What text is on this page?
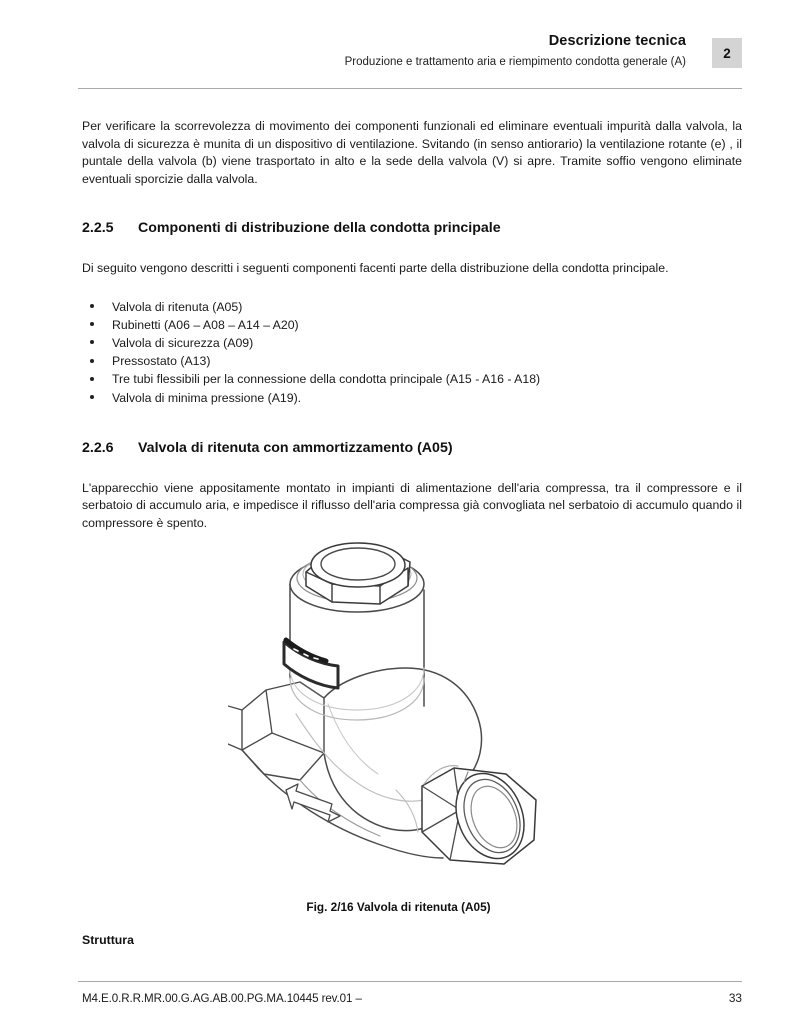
Descrizione tecnica
Produzione e trattamento aria e riempimento condotta generale (A)
2

Per verificare la scorrevolezza di movimento dei componenti funzionali ed eliminare eventuali impurità dalla valvola, la valvola di sicurezza è munita di un dispositivo di ventilazione. Svitando (in senso antiorario) la ventilazione rotante (e) , il puntale della valvola (b) viene trasportato in alto e la sede della valvola (V) si apre. Tramite soffio vengono eliminate eventuali sporcizie dalla valvola.

2.2.5 Componenti di distribuzione della condotta principale

Di seguito vengono descritti i seguenti componenti facenti parte della distribuzione della condotta principale.

Valvola di ritenuta (A05)
Rubinetti (A06 – A08 – A14 – A20)
Valvola di sicurezza (A09)
Pressostato (A13)
Tre tubi flessibili per la connessione della condotta principale (A15 - A16 - A18)
Valvola di minima pressione (A19).
2.2.6 Valvola di ritenuta con ammortizzamento (A05)

L'apparecchio viene appositamente montato in impianti di alimentazione dell'aria compressa, tra il compressore e il serbatoio di accumulo aria, e impedisce il riflusso dell'aria compressa già convogliata nel serbatoio di accumulo quando il compressore è spento.

Fig. 2/16 Valvola di ritenuta (A05)
Struttura
M4.E.0.R.R.MR.00.G.AG.AB.00.PG.MA.10445 rev.01 –	33
